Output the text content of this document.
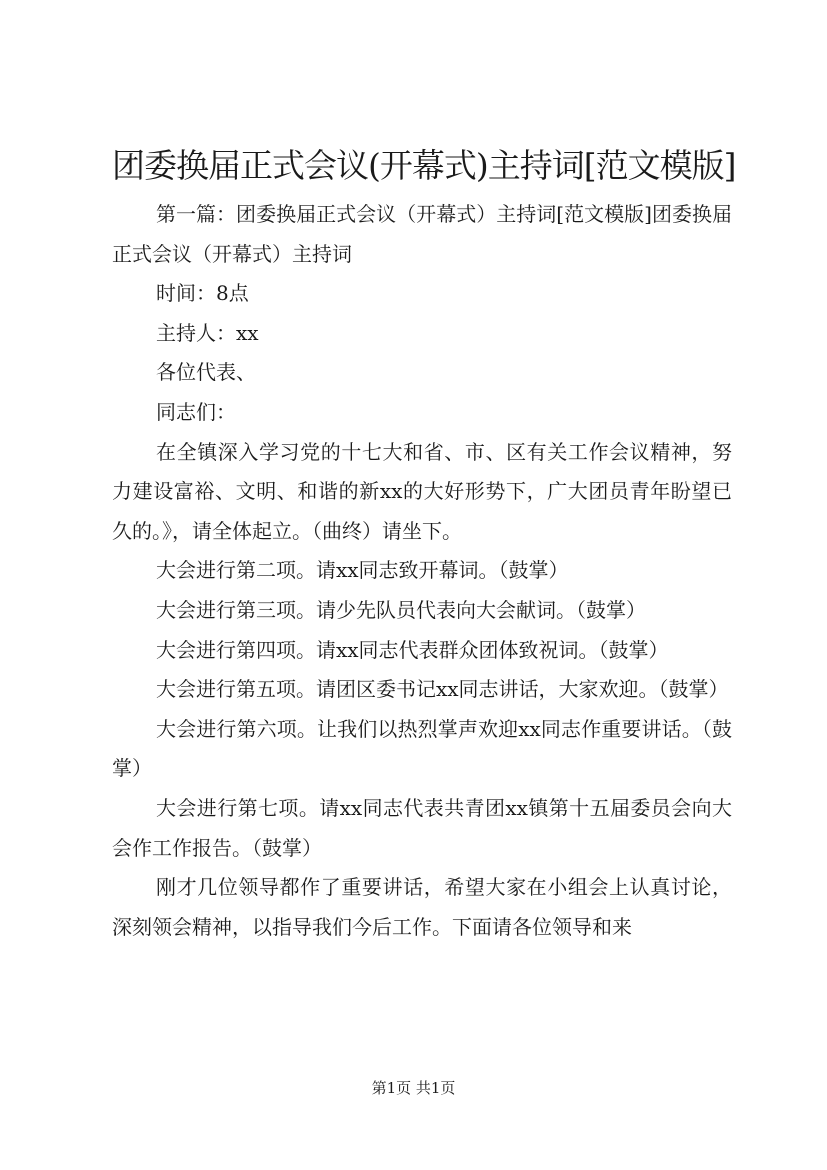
团委换届正式会议(开幕式)主持词[范文模版]

第一篇：团委换届正式会议（开幕式）主持词[范文模版]团委换届正式会议（开幕式）主持词

时间：8点

主持人：xx

各位代表、

同志们：

在全镇深入学习党的十七大和省、市、区有关工作会议精神，努力建设富裕、文明、和谐的新xx的大好形势下，广大团员青年盼望已久的。》，请全体起立。（曲终）请坐下。

大会进行第二项。请xx同志致开幕词。（鼓掌）

大会进行第三项。请少先队员代表向大会献词。（鼓掌）

大会进行第四项。请xx同志代表群众团体致祝词。（鼓掌）

大会进行第五项。请团区委书记xx同志讲话，大家欢迎。（鼓掌）

大会进行第六项。让我们以热烈掌声欢迎xx同志作重要讲话。（鼓掌）

大会进行第七项。请xx同志代表共青团xx镇第十五届委员会向大会作工作报告。（鼓掌）

刚才几位领导都作了重要讲话，希望大家在小组会上认真讨论，深刻领会精神，以指导我们今后工作。下面请各位领导和来

第1页 共1页
